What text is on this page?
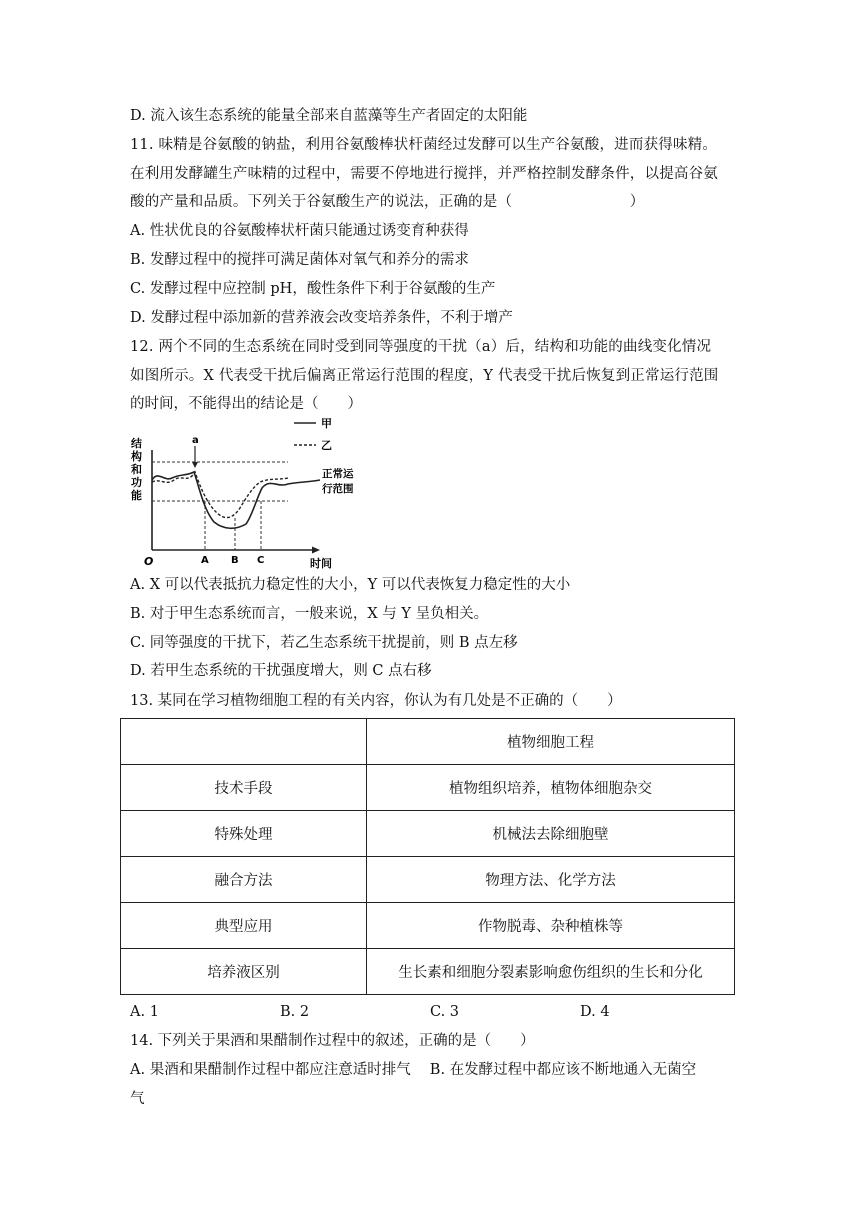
D. 流入该生态系统的能量全部来自蓝藻等生产者固定的太阳能
11. 味精是谷氨酸的钠盐，利用谷氨酸棒状杆菌经过发酵可以生产谷氨酸，进而获得味精。
在利用发酵罐生产味精的过程中，需要不停地进行搅拌，并严格控制发酵条件，以提高谷氨
酸的产量和品质。下列关于谷氨酸生产的说法，正确的是（　　　　　　　　）
A. 性状优良的谷氨酸棒状杆菌只能通过诱变育种获得
B. 发酵过程中的搅拌可满足菌体对氧气和养分的需求
C. 发酵过程中应控制 pH，酸性条件下利于谷氨酸的生产
D. 发酵过程中添加新的营养液会改变培养条件，不利于增产
12. 两个不同的生态系统在同时受到同等强度的干扰（a）后，结构和功能的曲线变化情况
如图所示。X 代表受干扰后偏离正常运行范围的程度，Y 代表受干扰后恢复到正常运行范围
的时间，不能得出的结论是（　　）
结
构
和
功
能
a
甲
乙
正常运
行范围
O	A B C	时间
A. X 可以代表抵抗力稳定性的大小，Y 可以代表恢复力稳定性的大小
B. 对于甲生态系统而言，一般来说，X 与 Y 呈负相关。
C. 同等强度的干扰下，若乙生态系统干扰提前，则 B 点左移
D. 若甲生态系统的干扰强度增大，则 C 点右移
13. 某同在学习植物细胞工程的有关内容，你认为有几处是不正确的（　　）
	植物细胞工程
技术手段	植物组织培养，植物体细胞杂交
特殊处理	机械法去除细胞壁
融合方法	物理方法、化学方法
典型应用	作物脱毒、杂种植株等
培养液区别	生长素和细胞分裂素影响愈伤组织的生长和分化
A. 1	B. 2	C. 3	D. 4
14. 下列关于果酒和果醋制作过程中的叙述，正确的是（　　）
A. 果酒和果醋制作过程中都应注意适时排气　 B. 在发酵过程中都应该不断地通入无菌空
气
